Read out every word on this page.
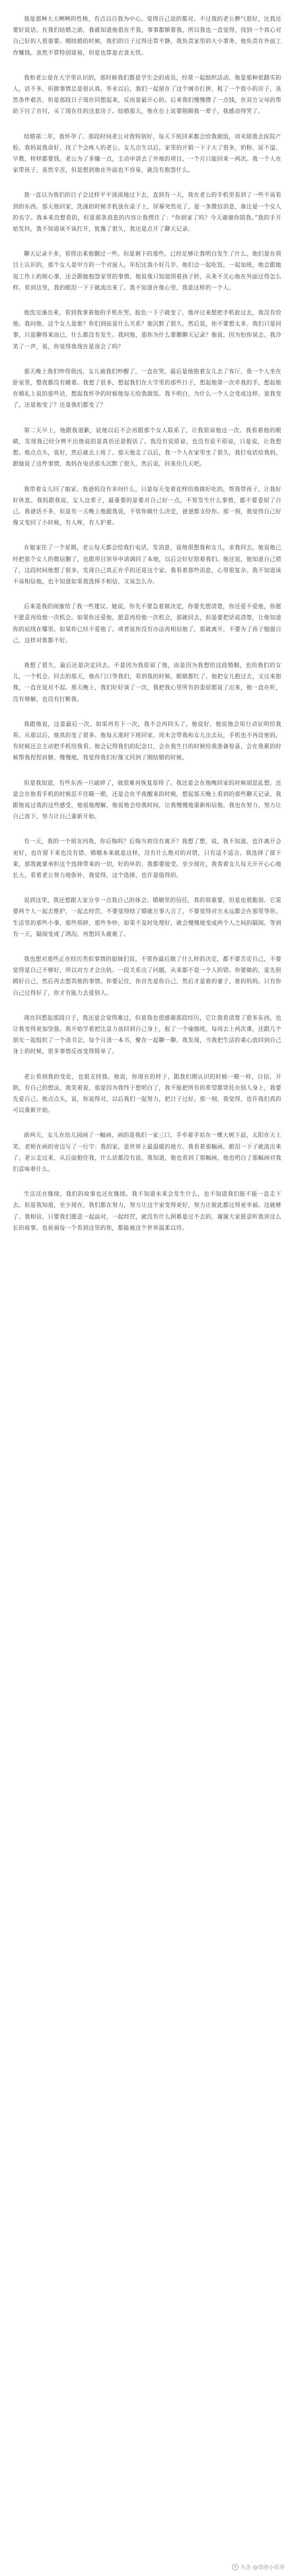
我是那种大大咧咧的性格，有点以自我为中心，觉得自己说的都对。不过我的老公脾气很好，比我还要好说话。在我们结婚之前，我就知道他很在乎我，事事都顺着我，所以我也一直觉得，找到一个真心对自己好的人很重要。刚结婚的时候，我们的日子过得还算平静，我负责家里的大小事务，他负责在外面工作赚钱。虽然不算特别富裕，但是也算是衣食无忧。

我和老公是在大学里认识的，那时候我们都是学生会的成员，经常一起组织活动。他是那种很踏实的人，话不多，但做事情总是很认真。毕业以后，我们一起留在了这个城市打拼，租了一个很小的房子，虽然条件艰苦，但是那段日子现在回想起来，反而是最开心的。后来我们慢慢攒了一点钱，在双方父母的帮助下付了首付，买了现在住的这套房子。结婚那天，他在台上说要照顾我一辈子，我感动得哭了。

结婚第二年，我怀孕了。那段时间老公对我特别好，每天下班回来都会给我做饭，周末陪我去医院产检。我妈说我命好，找了个会疼人的老公。女儿出生以后，家里的开销一下子大了很多，奶粉、尿不湿、早教，样样都要钱。老公为了多赚一点，主动申请去了外地的项目，一个月只能回来一两次。我一个人在家带孩子，虽然辛苦，但是想到他在外面也不容易，就没有抱怨什么。

我一直以为我们的日子会这样平平淡淡地过下去，直到有一天，我在老公的手机里看到了一些不该看到的东西。那天他回家，洗澡的时候手机放在桌子上，屏幕突然亮了，是一条微信消息，备注是一个女人的名字。我本来没想看的，但是那条消息的内容让我愣住了：“你到家了吗？今天谢谢你陪我。”我的手开始发抖，我不知道该不该打开，犹豫了很久，我还是点开了聊天记录。

聊天记录不多，看得出来他删过一些。但是剩下的那些，已经足够让我明白发生了什么。他们是在项目上认识的，那个女人是甲方的一个对接人，年纪比我小好几岁。他们会一起吃饭，一起加班，他会跟她说工作上的烦心事，还会跟她抱怨家里的事情。他说我只知道围着孩子转，从来不关心他在外面过得怎么样。看到这里，我的眼泪一下子就流出来了。我不知道在他心里，我是这样的一个人。

他洗完澡出来，看到我拿着他的手机在哭，脸色一下子就变了。他冲过来想把手机抢过去，我没有给他。我问他，这个女人是谁？你们到底是什么关系？他沉默了很久，然后说，你不要想太多，我们只是同事，只是聊得来而已，什么都没有发生。我问他，那你为什么要删聊天记录？他说，因为怕你误会。我冷笑了一声，说，你觉得我现在是误会了吗？

那天晚上我们吵得很凶，女儿被我们吵醒了，一直在哭。最后是他抱着女儿去了客厅，我一个人坐在卧室里，整夜都没有睡着。我想了很多，想起我们在大学里的那些日子，想起他第一次牵我的手，想起他在婚礼上说的那些话，想起我怀孕的时候他每天给我做饭。我不明白，为什么一个人会变成这样。是我变了，还是他变了？还是我们都变了？

第二天早上，他跟我道歉，说他以后不会再跟那个女人联系了，让我原谅他这一次。我看着他的眼睛，发现我已经分辨不出他说的是真话还是假话了。我没有说原谅，也没有说不原谅，只是说，让我想想。他点点头，说好，然后就去上班了。那天他走了以后，我一个人在家里坐了很久，我打电话给我妈，跟她说了这件事情，我妈在电话那头沉默了很久，然后说，回来住几天吧。

我带着女儿回了娘家。我爸妈没有多问什么，只是每天变着花样给我做好吃的，帮我带孩子，让我好好休息。我妈跟我说，女人这辈子，最重要的是要对自己好一点，不管发生什么事情，都不要委屈了自己。我爸话不多，但是有一天晚上他跟我说，不管你做什么决定，爸爸都支持你。那一刻，我觉得自己好像又变回了小时候，有人疼，有人护着。

在娘家住了一个星期，老公每天都会给我打电话，发消息，说他很想我和女儿，求我回去。他说他已经把那个女人的微信删了，也跟项目领导申请调回了本地，以后会好好陪着我们。他还说，他知道自己错了，这段时间他想了很多，发现自己真正在乎的还是这个家。我看着那些消息，心里很复杂。我不知道该不该相信他，也不知道如果我选择不相信，又该怎么办。

后来是我的闺蜜给了我一些建议。她说，你先不要急着做决定，你要先想清楚，你还爱不爱他，你愿不愿意再给他一次机会。如果你还爱他，愿意再给他一次机会，那就回去，但是要把话说清楚，让他知道你的底线在哪里。如果你已经不爱他了，或者说你没有办法再相信他了，那就离开，不要为了孩子勉强自己，这样对谁都不好。

我想了很久，最后还是决定回去。不是因为我原谅了他，而是因为我想给这段婚姻，也给我们的女儿，一个机会。回去的那天，他在门口等我们，看到我的时候，眼睛都红了。他把女儿抱过去，又过来抱我，一直在说对不起。那天晚上，我们好好谈了一次，我把我心里所有的委屈都说了出来，他一直在听，没有辩解，也没有打断我。

我跟他说，这是最后一次。如果再有下一次，我不会再回头了。他说好，他说他会用行动证明给我看。从那以后，他真的变了很多。他每天准时下班回家，周末会带我和女儿出去玩，手机也不再设密码，有时候还会主动把手机给我看。他会记得我们的纪念日，会在我生日的时候给我准备惊喜，会在我累的时候帮我捏捏肩膀。慢慢地，我觉得我们好像又回到了刚结婚的时候。

但是我知道，有些东西一旦破碎了，就很难再恢复原样了。我还是会在他晚回家的时候胡思乱想，还是会在他看手机的时候忍不住瞄一眼，还是会在半夜醒来的时候，想起那天晚上看到的那些聊天记录。我跟他说过我的这些感受，他说他理解，他说他会给我时间，让我慢慢地重新相信他。我也在努力，努力让自己放下，努力让自己重新开始。

有一天，我的一个朋友问我，你后悔吗？后悔当初没有离开？我想了想，说，我不知道。也许离开会更好，也许留下来也没有错。婚姻本来就是这样，没有什么绝对的对错，只有适不适合。我选择了留下来，那我就要承担这个选择带来的一切，好的坏的，我都要接受。至少现在，我看着女儿每天开开心心地长大，看着老公努力地弥补，我觉得，这个选择，也许是值得的。

说到这里，我还想跟大家分享一点我自己的体会。婚姻里的信任，真的很重要，但是也很脆弱。它需要两个人一起去维护，一起去经营。不要觉得结了婚就万事大吉了，不要觉得对方永远都会在那里等你。生活里的那些小事，那些琐碎，那些争吵，如果不及时处理好，就会慢慢地变成两个人之间的隔阂。等到有一天，隔阂变成了鸿沟，再想回头就难了。

我也想对那些正在经历类似事情的姐妹们说，不管你最后做了什么样的决定，都不要否定自己，不要觉得是自己不够好，所以对方才会出轨。一段关系出了问题，从来都不是一个人的错。你要做的，是先照顾好自己，然后再去想其他的事情。你要记住，你首先是你自己，然后才是谁的妻子，谁的妈妈。只有你自己过得好了，你才有能力去爱别人。

现在回想起那段日子，我还是会觉得难过，但是我也很感谢那段经历，它让我看清楚了很多东西，也让我变得更加坚强。我开始学着把注意力放回到自己身上，报了一个瑜伽班，每周去上两次课，还跟几个朋友一起组织了一个读书会，每个月读一本书，聚在一起聊一聊。我发现，当我把生活的重心放回到自己身上的时候，很多事情反而变得简单了。

老公看到我的变化，也很支持我。他说，你现在的样子，跟我们刚认识的时候一模一样，自信，开朗，有自己的想法。我笑着说，那是因为我终于想明白了，我不能把所有的希望都寄托在别人身上，我要先爱自己。他点点头，说，你说得对，以后我们一起努力，把日子过好。那一刻，我觉得，也许我们真的可以重新开始。

前两天，女儿在幼儿园画了一幅画，画的是我们一家三口，手牵着手站在一棵大树下面，太阳在天上笑。老师在画的旁边写了一行字：我的家，是世界上最温暖的地方。我看着那幅画，眼泪一下子就流出来了。老公走过来，从后面抱住我，什么话都没有说。我知道，他也看到了那幅画，他也明白了那幅画对我们意味着什么。

生活还在继续，我们的故事也还在继续。我不知道未来会发生什么，也不知道我们能不能一直走下去。但是我知道，至少现在，我们都在努力，努力让这个家变得更好，努力让彼此都过得更幸福。这就够了。我相信，只要我们愿意一起面对，一起经营，就没有什么困难是过不去的。谢谢大家愿意听我讲这么长的故事，也祝福每一个看到这里的你，都能被这个世界温柔以待。

头条 @情感小故事
